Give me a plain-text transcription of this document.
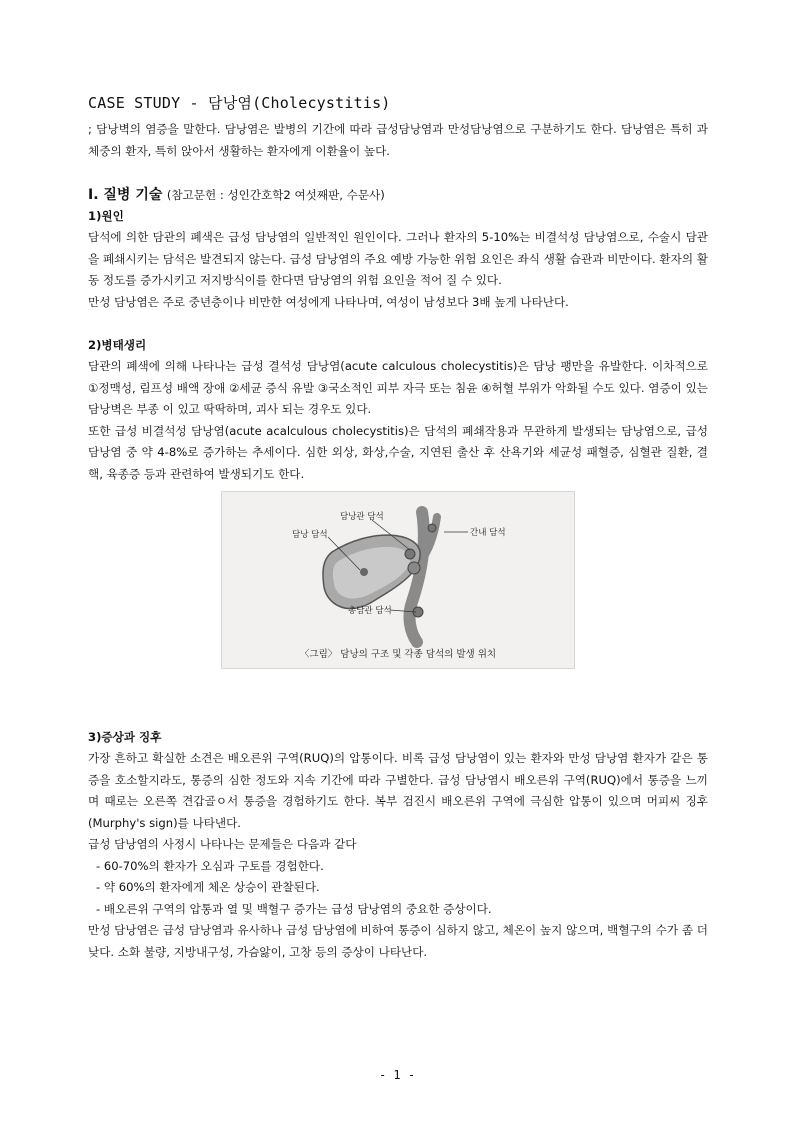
CASE STUDY - 담낭염(Cholecystitis)

; 담낭벽의 염증을 말한다. 담낭염은 발병의 기간에 따라 급성담낭염과 만성담낭염으로 구분하기도 한다. 담낭염은 특히 과체중의 환자, 특히 앉아서 생활하는 환자에게 이환율이 높다.

Ⅰ. 질병 기술 (참고문헌 : 성인간호학2 여섯째판, 수문사)
1)원인

담석에 의한 담관의 폐색은 급성 담낭염의 일반적인 원인이다. 그러나 환자의 5-10%는 비결석성 담낭염으로, 수술시 담관을 폐쇄시키는 담석은 발견되지 않는다. 급성 담낭염의 주요 예방 가능한 위험 요인은 좌식 생활 습관과 비만이다. 환자의 활동 정도를 증가시키고 저지방식이를 한다면 담낭염의 위험 요인을 적어 질 수 있다.

만성 담낭염은 주로 중년층이나 비만한 여성에게 나타나며, 여성이 남성보다 3배 높게 나타난다.

2)병태생리

담관의 폐색에 의해 나타나는 급성 결석성 담낭염(acute calculous cholecystitis)은 담낭 팽만을 유발한다. 이차적으로 ①정맥성, 림프성 배액 장애 ②세균 증식 유발 ③국소적인 피부 자극 또는 침윤 ④허혈 부위가 악화될 수도 있다. 염증이 있는 담낭벽은 부종 이 있고 딱딱하며, 괴사 되는 경우도 있다.

또한 급성 비결석성 담낭염(acute acalculous cholecystitis)은 담석의 폐쇄작용과 무관하게 발생되는 담낭염으로, 급성 담낭염 중 약 4-8%로 증가하는 추세이다. 심한 외상, 화상,수술, 지연된 출산 후 산욕기와 세균성 패혈증, 심혈관 질환, 결핵, 육종증 등과 관련하여 발생되기도 한다.

담낭관 담석
간내 담석
담낭 담석
총담관 담석
〈그림〉 담낭의 구조 및 각종 담석의 발생 위치
3)증상과 징후

가장 흔하고 확실한 소견은 배오른위 구역(RUQ)의 압통이다. 비록 급성 담낭염이 있는 환자와 만성 담낭염 환자가 같은 통증을 호소할지라도, 통증의 심한 정도와 지속 기간에 따라 구별한다. 급성 담낭염시 배오른위 구역(RUQ)에서 통증을 느끼며 때로는 오른쪽 견갑골ㅇ서 통증을 경험하기도 한다. 복부 검진시 배오른위 구역에 극심한 압통이 있으며 머피씨 징후(Murphy's sign)를 나타낸다.

급성 담낭염의 사정시 나타나는 문제들은 다음과 같다

- 60-70%의 환자가 오심과 구토를 경험한다.
- 약 60%의 환자에게 체온 상승이 관찰된다.
- 배오른위 구역의 압통과 열 및 백혈구 증가는 급성 담낭염의 중요한 증상이다.

만성 담낭염은 급성 담낭염과 유사하나 급성 담낭염에 비하여 통증이 심하지 않고, 체온이 높지 않으며, 백혈구의 수가 좀 더 낮다. 소화 불량, 지방내구성, 가슴앓이, 고창 등의 증상이 나타난다.

- 1 -
